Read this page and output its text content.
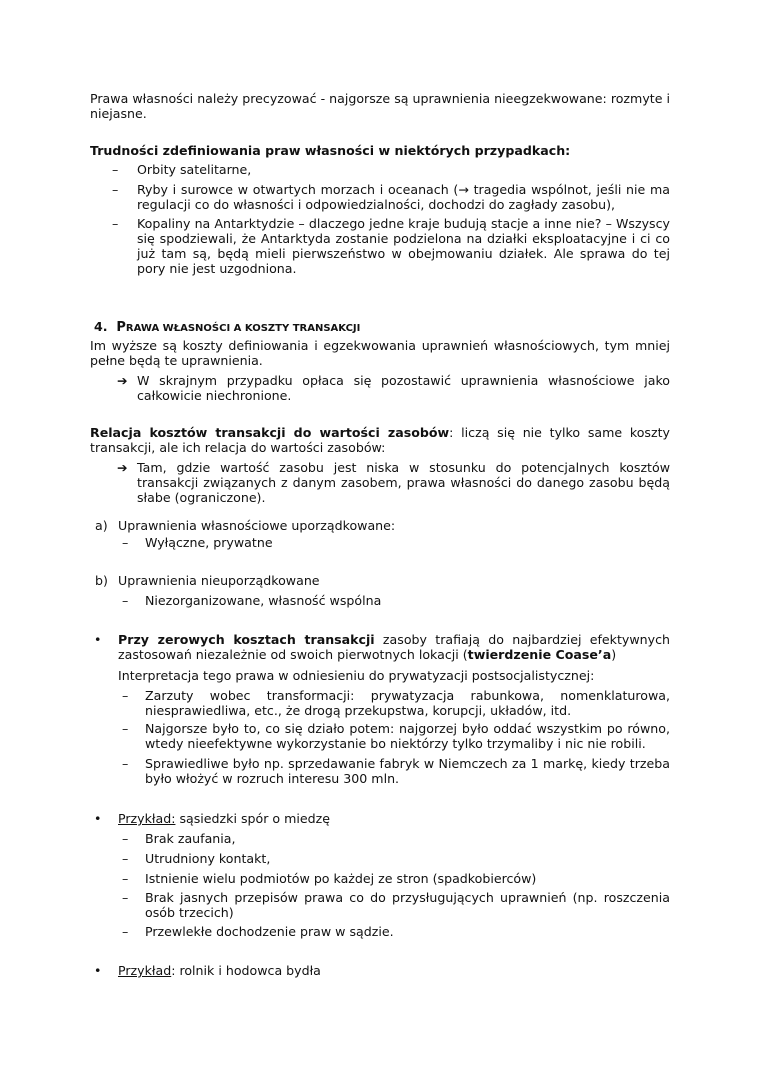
Prawa własności należy precyzować - najgorsze są uprawnienia nieegzekwowane: rozmyte i niejasne.
Trudności zdefiniowania praw własności w niektórych przypadkach:
– Orbity satelitarne,
– Ryby i surowce w otwartych morzach i oceanach (→ tragedia wspólnot, jeśli nie ma regulacji co do własności i odpowiedzialności, dochodzi do zagłady zasobu),
– Kopaliny na Antarktydzie – dlaczego jedne kraje budują stacje a inne nie? – Wszyscy się spodziewali, że Antarktyda zostanie podzielona na działki eksploatacyjne i ci co już tam są, będą mieli pierwszeństwo w obejmowaniu działek. Ale sprawa do tej pory nie jest uzgodniona.
4. PRAWA WŁASNOŚCI A KOSZTY TRANSAKCJI
Im wyższe są koszty definiowania i egzekwowania uprawnień własnościowych, tym mniej pełne będą te uprawnienia.
➔ W skrajnym przypadku opłaca się pozostawić uprawnienia własnościowe jako całkowicie niechronione.
Relacja kosztów transakcji do wartości zasobów: liczą się nie tylko same koszty transakcji, ale ich relacja do wartości zasobów:
➔ Tam, gdzie wartość zasobu jest niska w stosunku do potencjalnych kosztów transakcji związanych z danym zasobem, prawa własności do danego zasobu będą słabe (ograniczone).
a) Uprawnienia własnościowe uporządkowane:
– Wyłączne, prywatne
b) Uprawnienia nieuporządkowane
– Niezorganizowane, własność wspólna
• Przy zerowych kosztach transakcji zasoby trafiają do najbardziej efektywnych zastosowań niezależnie od swoich pierwotnych lokacji (twierdzenie Coase’a)
Interpretacja tego prawa w odniesieniu do prywatyzacji postsocjalistycznej:
– Zarzuty wobec transformacji: prywatyzacja rabunkowa, nomenklaturowa, niesprawiedliwa, etc., że drogą przekupstwa, korupcji, układów, itd.
– Najgorsze było to, co się działo potem: najgorzej było oddać wszystkim po równo, wtedy nieefektywne wykorzystanie bo niektórzy tylko trzymaliby i nic nie robili.
– Sprawiedliwe było np. sprzedawanie fabryk w Niemczech za 1 markę, kiedy trzeba było włożyć w rozruch interesu 300 mln.
• Przykład: sąsiedzki spór o miedzę
– Brak zaufania,
– Utrudniony kontakt,
– Istnienie wielu podmiotów po każdej ze stron (spadkobierców)
– Brak jasnych przepisów prawa co do przysługujących uprawnień (np. roszczenia osób trzecich)
– Przewlekłe dochodzenie praw w sądzie.
• Przykład: rolnik i hodowca bydła
